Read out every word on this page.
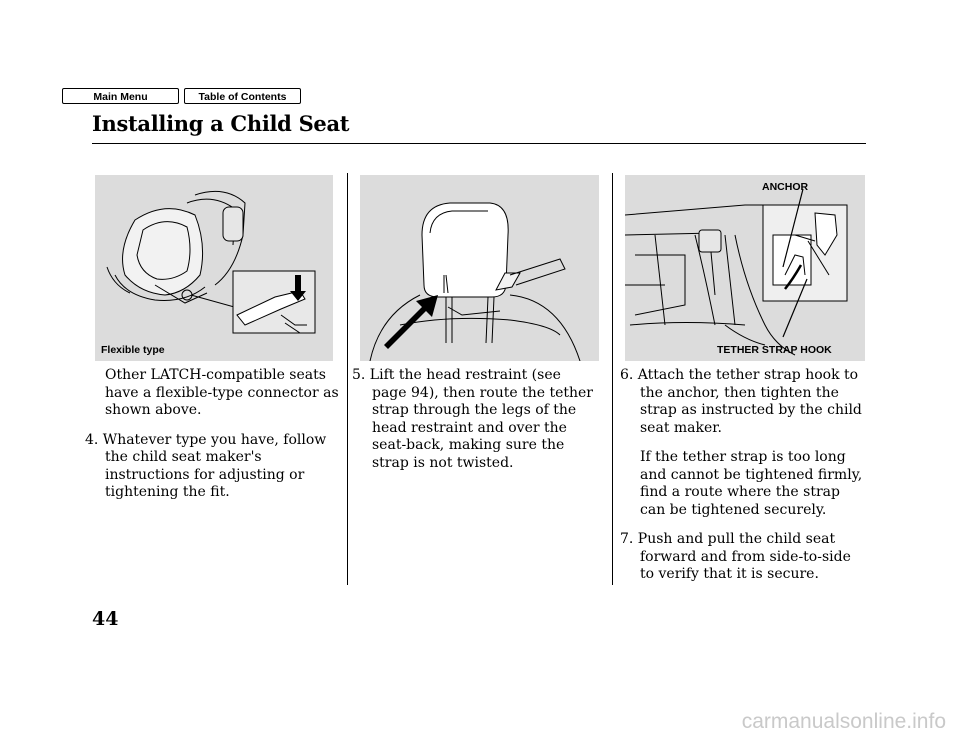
Main Menu	Table of Contents
Installing a Child Seat
Flexible type
ANCHOR
TETHER STRAP HOOK

Other LATCH-compatible seats have a flexible-type connector as shown above.

4. Whatever type you have, follow the child seat maker's instructions for adjusting or tightening the fit.

5. Lift the head restraint (see page 94), then route the tether strap through the legs of the head restraint and over the seat-back, making sure the strap is not twisted.

6. Attach the tether strap hook to the anchor, then tighten the strap as instructed by the child seat maker.

If the tether strap is too long and cannot be tightened firmly, find a route where the strap can be tightened securely.

7. Push and pull the child seat forward and from side-to-side to verify that it is secure.

44
carmanualsonline.info
